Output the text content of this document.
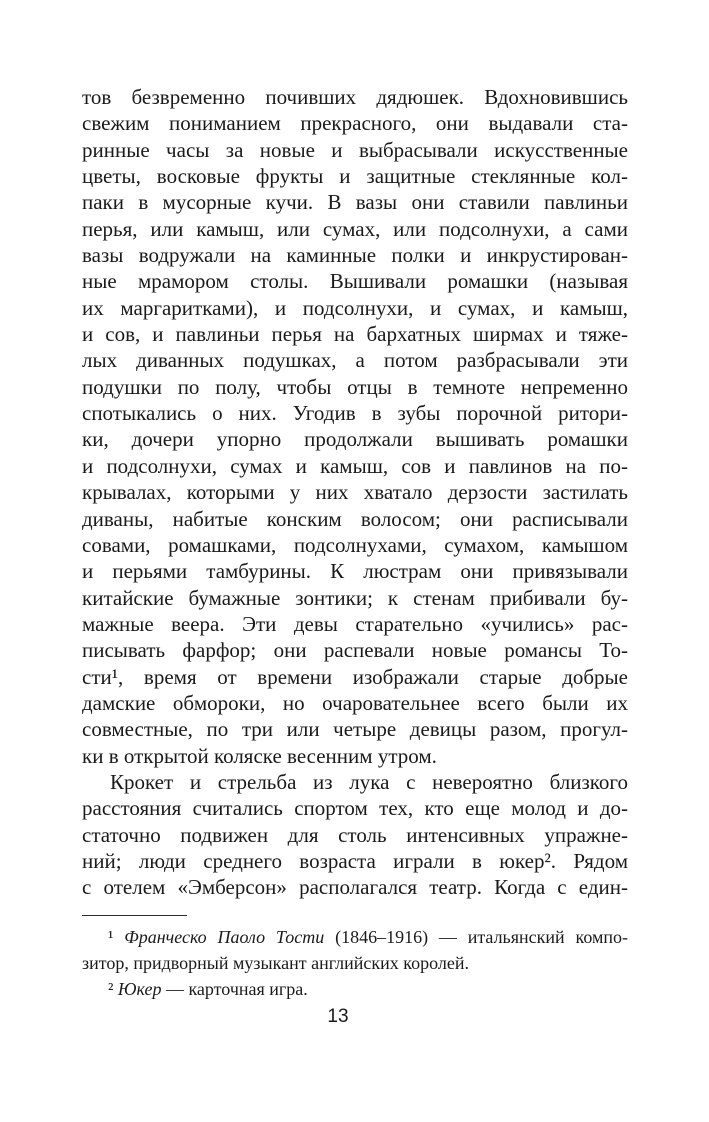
тов безвременно почивших дядюшек. Вдохновившись
свежим пониманием прекрасного, они выдавали ста-
ринные часы за новые и выбрасывали искусственные
цветы, восковые фрукты и защитные стеклянные кол-
паки в мусорные кучи. В вазы они ставили павлиньи
перья, или камыш, или сумах, или подсолнухи, а сами
вазы водружали на каминные полки и инкрустирован-
ные мрамором столы. Вышивали ромашки (называя
их маргаритками), и подсолнухи, и сумах, и камыш,
и сов, и павлиньи перья на бархатных ширмах и тяже-
лых диванных подушках, а потом разбрасывали эти
подушки по полу, чтобы отцы в темноте непременно
спотыкались о них. Угодив в зубы порочной ритори-
ки, дочери упорно продолжали вышивать ромашки
и подсолнухи, сумах и камыш, сов и павлинов на по-
крывалах, которыми у них хватало дерзости застилать
диваны, набитые конским волосом; они расписывали
совами, ромашками, подсолнухами, сумахом, камышом
и перьями тамбурины. К люстрам они привязывали
китайские бумажные зонтики; к стенам прибивали бу-
мажные веера. Эти девы старательно «учились» рас-
писывать фарфор; они распевали новые романсы То-
сти¹, время от времени изображали старые добрые
дамские обмороки, но очаровательнее всего были их
совместные, по три или четыре девицы разом, прогул-
ки в открытой коляске весенним утром.
Крокет и стрельба из лука с невероятно близкого
расстояния считались спортом тех, кто еще молод и до-
статочно подвижен для столь интенсивных упражне-
ний; люди среднего возраста играли в юкер². Рядом
с отелем «Эмберсон» располагался театр. Когда с един-
¹ Франческо Паоло Тости (1846–1916) — итальянский компо-
зитор, придворный музыкант английских королей.
² Юкер — карточная игра.
13
